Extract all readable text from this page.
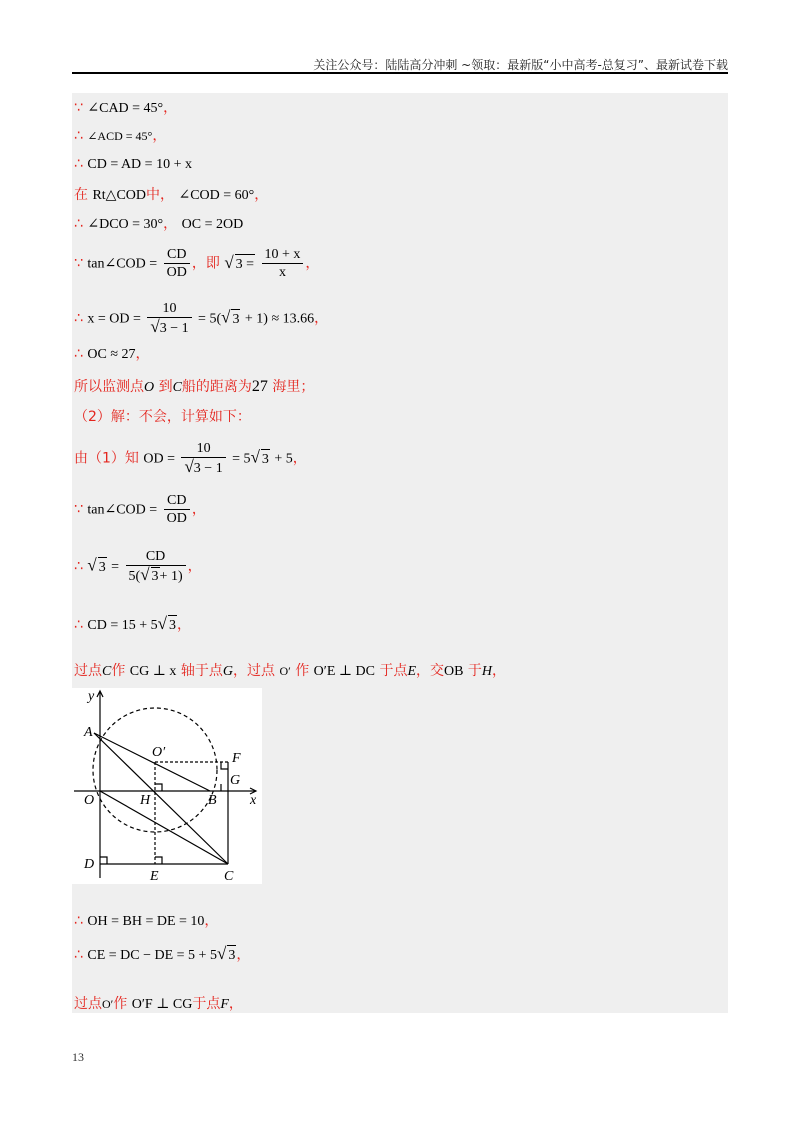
关注公众号：陆陆高分冲刺 ~领取：最新版“小中高考-总复习”、最新试卷下载
∵ ∠CAD = 45°，
∴ ∠ACD = 45°，
∴ CD = AD = 10 + x
在 Rt△COD中， ∠COD = 60°，
∴ ∠DCO = 30°， OC = 2OD
∵ tan∠COD = $\frac{CD}{OD}$ ，即 √ $3 = \frac{10 + x}{x}$ ，
∴ x = OD = $\frac{10}{√3 - 1} = 5(√$ 3 + 1) ≈ 13.66，
∴ OC ≈ 27，
所以监测点O 到C船的距离为27 海里；
（2）解：不会，计算如下：
由（1）知 OD = $\frac{10}{√3 - 1} = 5√$ 3 + 5，
∵ tan∠COD = $\frac{CD}{OD}$ ，
∴ √ $3 = \frac{CD}{5(√ 3+ 1)}$ ，
∴ CD = 15 + 5√ 3，
过点C作 CG ⊥ x 轴于点G，过点 O′ 作 O′E ⊥ DC 于点E，交OB 于H，
y
A
O′	F
G
O	H	B x
D
E	C
∴ OH = BH = DE = 10，
∴ CE = DC − DE = 5 + 5√ 3，
过点O′作 O′F ⊥ CG于点F，
13
